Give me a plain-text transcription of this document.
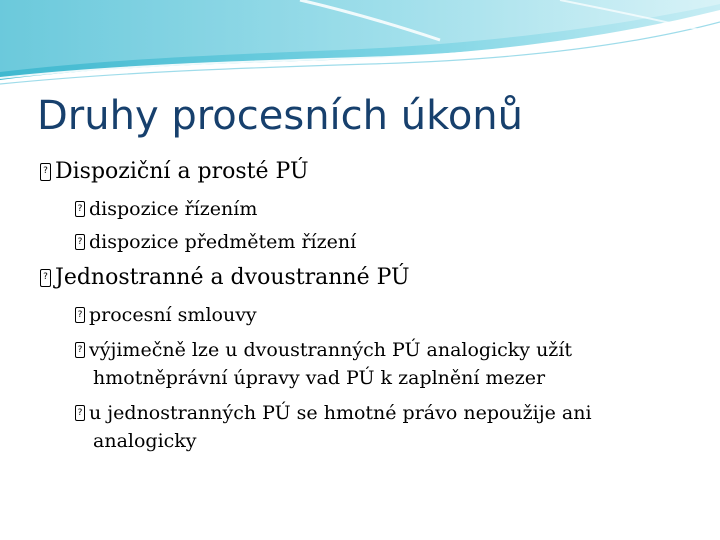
Druhy procesních úkonů
?Dispoziční a prosté PÚ
?dispozice řízením
?dispozice předmětem řízení
?Jednostranné a dvoustranné PÚ
?procesní smlouvy
?výjimečně lze u dvoustranných PÚ analogicky užít
hmotněprávní úpravy vad PÚ k zaplnění mezer
?u jednostranných PÚ se hmotné právo nepoužije ani
analogicky
